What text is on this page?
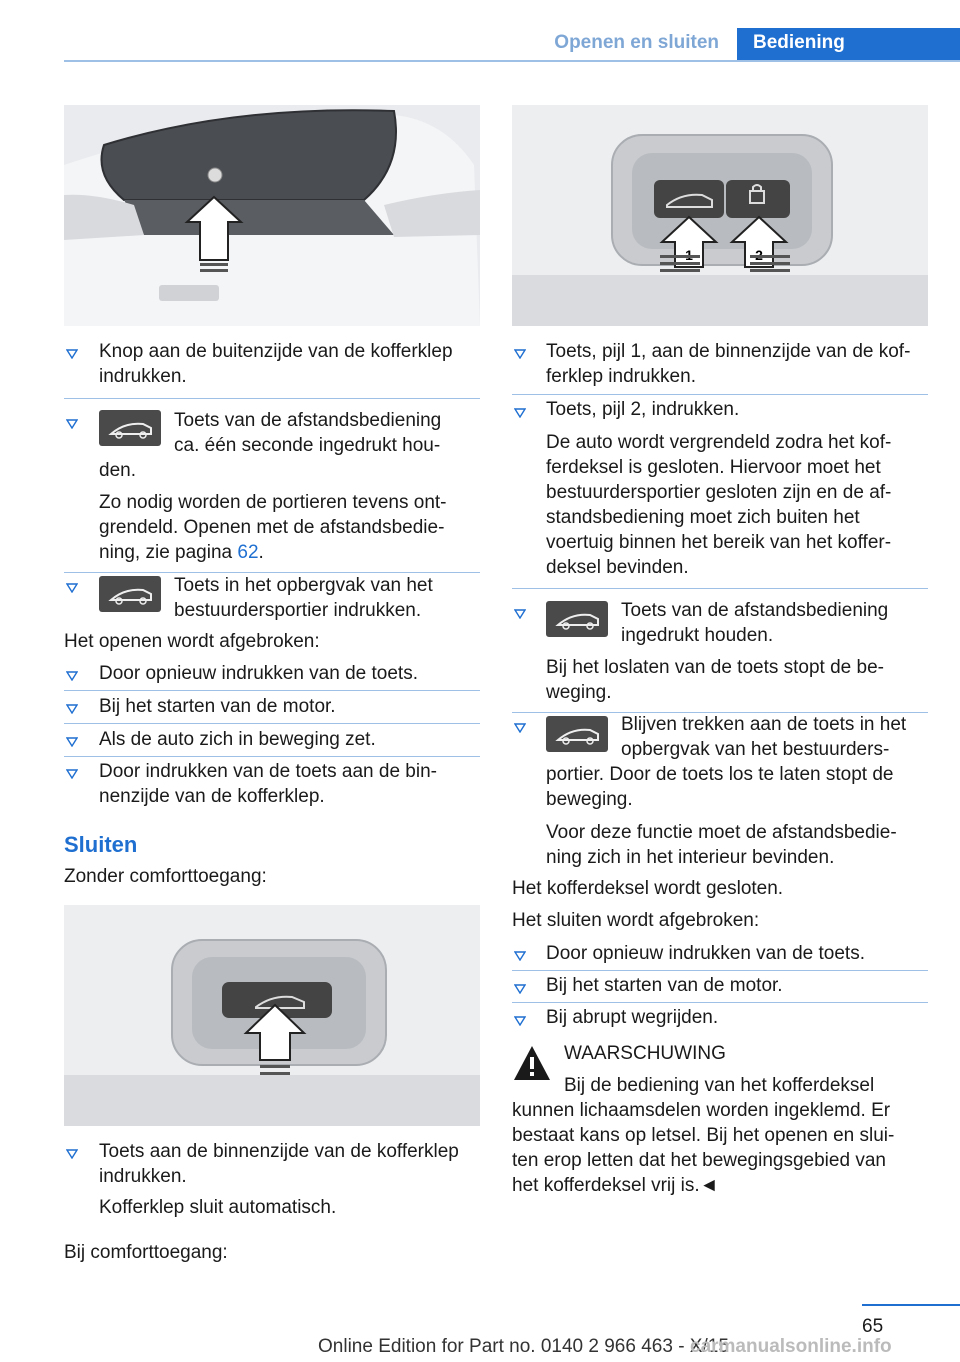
Openen en sluiten	Bediening
Knop aan de buitenzijde van de kofferklep
indrukken.
Toets van de afstandsbediening
ca. één seconde ingedrukt hou-
den.
Zo nodig worden de portieren tevens ont-
grendeld. Openen met de afstandsbedie-
ning, zie pagina 62.
Toets in het opbergvak van het
bestuurdersportier indrukken.
Het openen wordt afgebroken:
Door opnieuw indrukken van de toets.
Bij het starten van de motor.
Als de auto zich in beweging zet.
Door indrukken van de toets aan de bin-
nenzijde van de kofferklep.
Sluiten
Zonder comforttoegang:
Toets aan de binnenzijde van de kofferklep
indrukken.
Kofferklep sluit automatisch.
Bij comforttoegang:
Toets, pijl 1, aan de binnenzijde van de kof-
ferklep indrukken.
Toets, pijl 2, indrukken.
De auto wordt vergrendeld zodra het kof-
ferdeksel is gesloten. Hiervoor moet het
bestuurdersportier gesloten zijn en de af-
standsbediening moet zich buiten het
voertuig binnen het bereik van het koffer-
deksel bevinden.
Toets van de afstandsbediening
ingedrukt houden.
Bij het loslaten van de toets stopt de be-
weging.
Blijven trekken aan de toets in het
opbergvak van het bestuurders-
portier. Door de toets los te laten stopt de
beweging.
Voor deze functie moet de afstandsbedie-
ning zich in het interieur bevinden.
Het kofferdeksel wordt gesloten.
Het sluiten wordt afgebroken:
Door opnieuw indrukken van de toets.
Bij het starten van de motor.
Bij abrupt wegrijden.
WAARSCHUWING
Bij de bediening van het kofferdeksel
kunnen lichaamsdelen worden ingeklemd. Er
bestaat kans op letsel. Bij het openen en slui-
ten erop letten dat het bewegingsgebied van
het kofferdeksel vrij is.◄
65
Online Edition for Part no. 0140 2 966 463 - X/15
carmanualsonline.info
